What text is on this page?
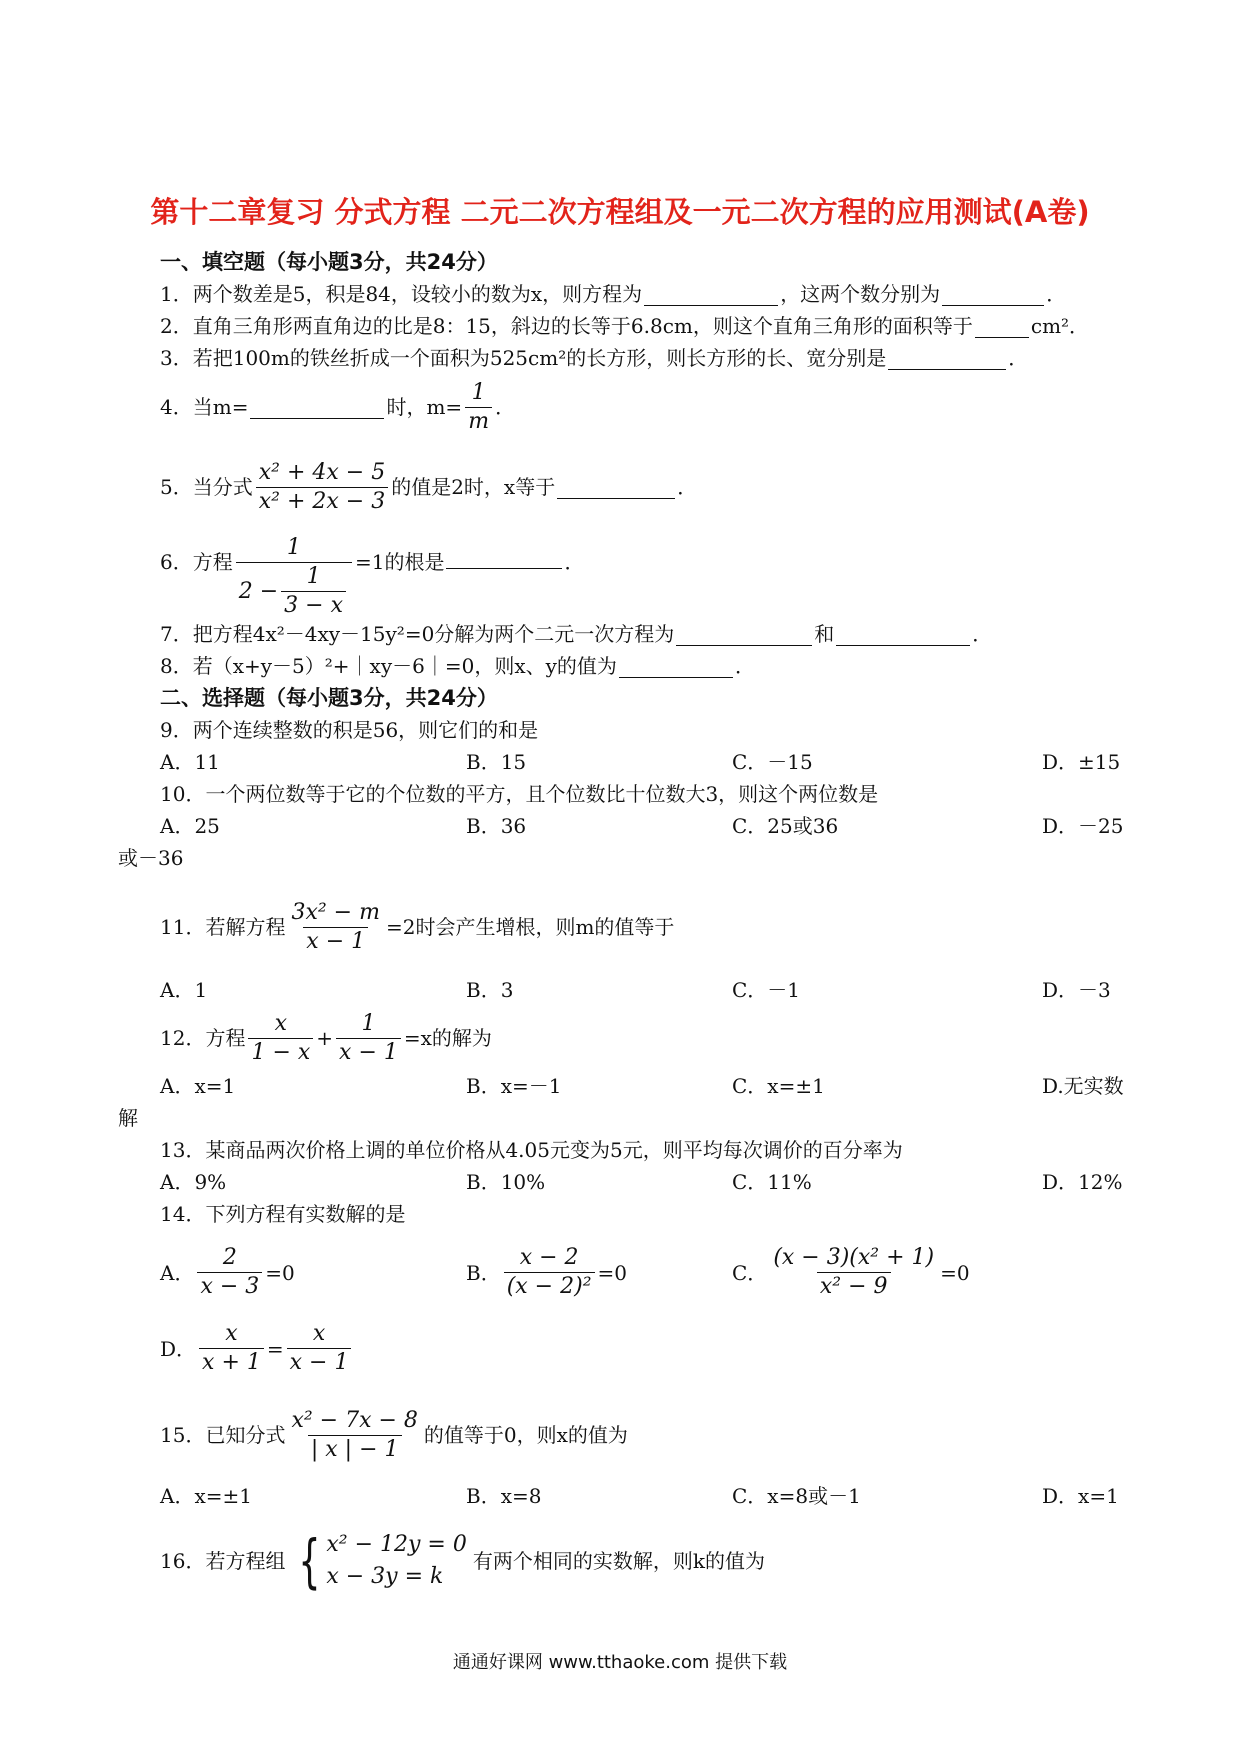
第十二章复习 分式方程 二元二次方程组及一元二次方程的应用测试(A卷)
一、填空题（每小题3分，共24分）
1．两个数差是5，积是84，设较小的数为x，则方程为	，这两个数分别为	．
2．直角三角形两直角边的比是8：15，斜边的长等于6.8cm，则这个直角三角形的面积等于	cm²．
3．若把100m的铁丝折成一个面积为525cm²的长方形，则长方形的长、宽分别是	．
4．当m=	时，$m= \frac{1}{m}$ ．
5．当分式 $\frac{\text{x² + 4x − 5}}{\text{x² + 2x − 3}}$ 的值是2时，x等于	．
6．方程 $\frac{1}{2 - \frac{1}{3 - x}} =1$的根是	．
7．把方程4x²－4xy－15y²=0分解为两个二元一次方程为	和	．
8．若（x+y－5）²+｜xy－6｜=0，则x、y的值为	．
二、选择题（每小题3分，共24分）
9．两个连续整数的积是56，则它们的和是
A．11	B．15	C．－15	D．±15
10．一个两位数等于它的个位数的平方，且个位数比十位数大3，则这个两位数是
A．25	B．36	C．25或36	D．－25
或－36
11．若解方程 $\frac{\text{3x² − m}}{x - 1} =2$时会产生增根，则m的值等于
A．1	B．3	C．－1	D．－3
12．方程 $\frac{x}{1 - x} + \frac{1}{x - 1} =x$的解为
A．x=1	B．x=－1	C．x=±1	D.无实数
解
13．某商品两次价格上调的单位价格从4.05元变为5元，则平均每次调价的百分率为
A．9%	B．10%	C．11%	D．12%
14．下列方程有实数解的是
A． $\frac{2}{x - 3} =0$	B． $\frac{x - 2}{\text{(x − 2)²}} =0$	C． $\frac{\text{(x − 3)(x² + 1)}}{\text{x² − 9}} =0$
D． $\frac{x}{x + 1} = \frac{x}{x - 1}$
15．已知分式 $\frac{\text{x² − 7x − 8}}{| x | - 1}$ 的值等于0，则x的值为
A．x=±1	B．x=8	C．x=8或－1	D．x=1
16．若方程组 { x² − 12y = 0
x − 3y = k
有两个相同的实数解，则k的值为
通通好课网 www.tthaoke.com 提供下载
